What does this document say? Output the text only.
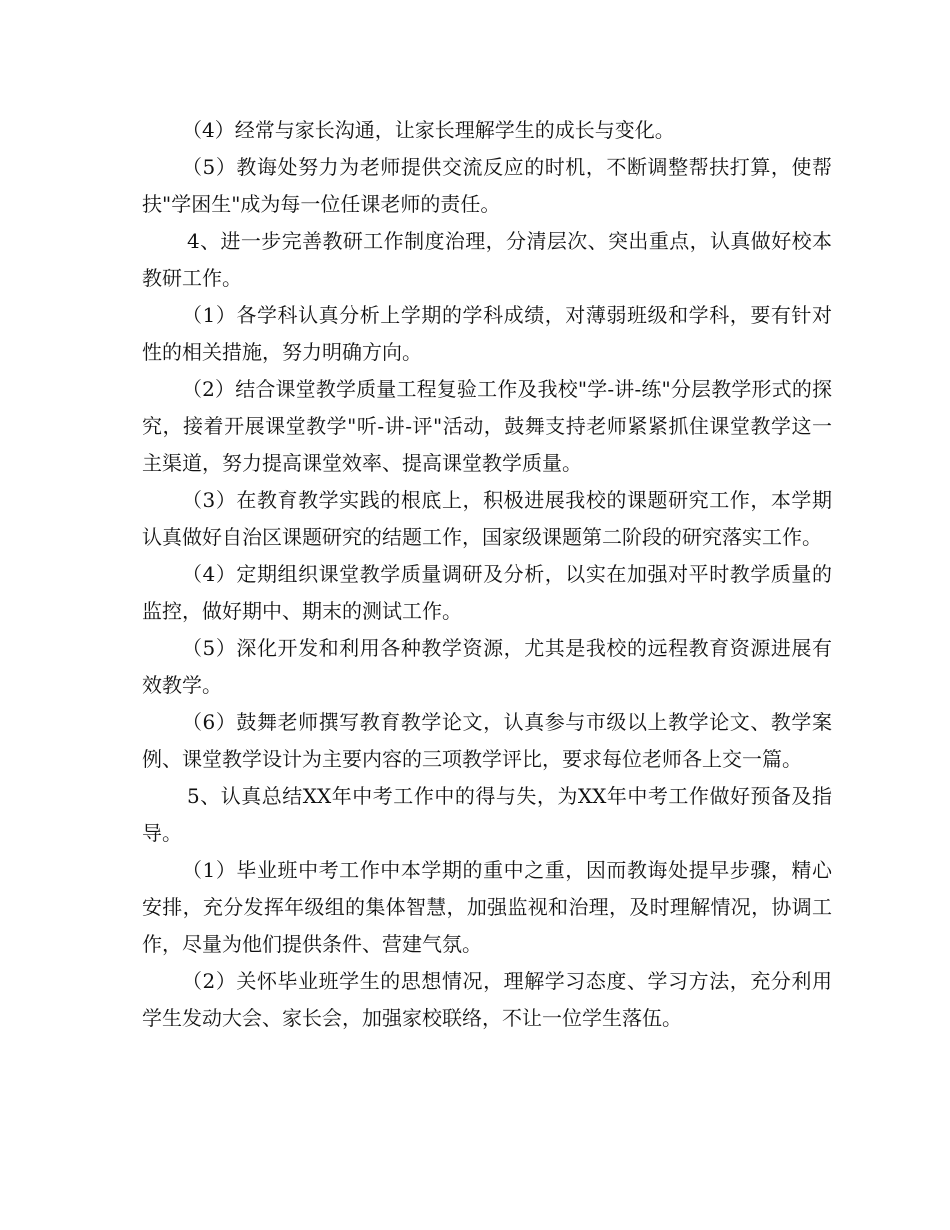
（4）经常与家长沟通，让家长理解学生的成长与变化。

（5）教诲处努力为老师提供交流反应的时机，不断调整帮扶打算，使帮扶"学困生"成为每一位任课老师的责任。

4、进一步完善教研工作制度治理，分清层次、突出重点，认真做好校本教研工作。

（1）各学科认真分析上学期的学科成绩，对薄弱班级和学科，要有针对性的相关措施，努力明确方向。

（2）结合课堂教学质量工程复验工作及我校"学-讲-练"分层教学形式的探究，接着开展课堂教学"听-讲-评"活动，鼓舞支持老师紧紧抓住课堂教学这一主渠道，努力提高课堂效率、提高课堂教学质量。

（3）在教育教学实践的根底上，积极进展我校的课题研究工作，本学期认真做好自治区课题研究的结题工作，国家级课题第二阶段的研究落实工作。

（4）定期组织课堂教学质量调研及分析，以实在加强对平时教学质量的监控，做好期中、期末的测试工作。

（5）深化开发和利用各种教学资源，尤其是我校的远程教育资源进展有效教学。

（6）鼓舞老师撰写教育教学论文，认真参与市级以上教学论文、教学案例、课堂教学设计为主要内容的三项教学评比，要求每位老师各上交一篇。

5、认真总结XX年中考工作中的得与失，为XX年中考工作做好预备及指导。

（1）毕业班中考工作中本学期的重中之重，因而教诲处提早步骤，精心安排，充分发挥年级组的集体智慧，加强监视和治理，及时理解情况，协调工作，尽量为他们提供条件、营建气氛。

（2）关怀毕业班学生的思想情况，理解学习态度、学习方法，充分利用学生发动大会、家长会，加强家校联络，不让一位学生落伍。
